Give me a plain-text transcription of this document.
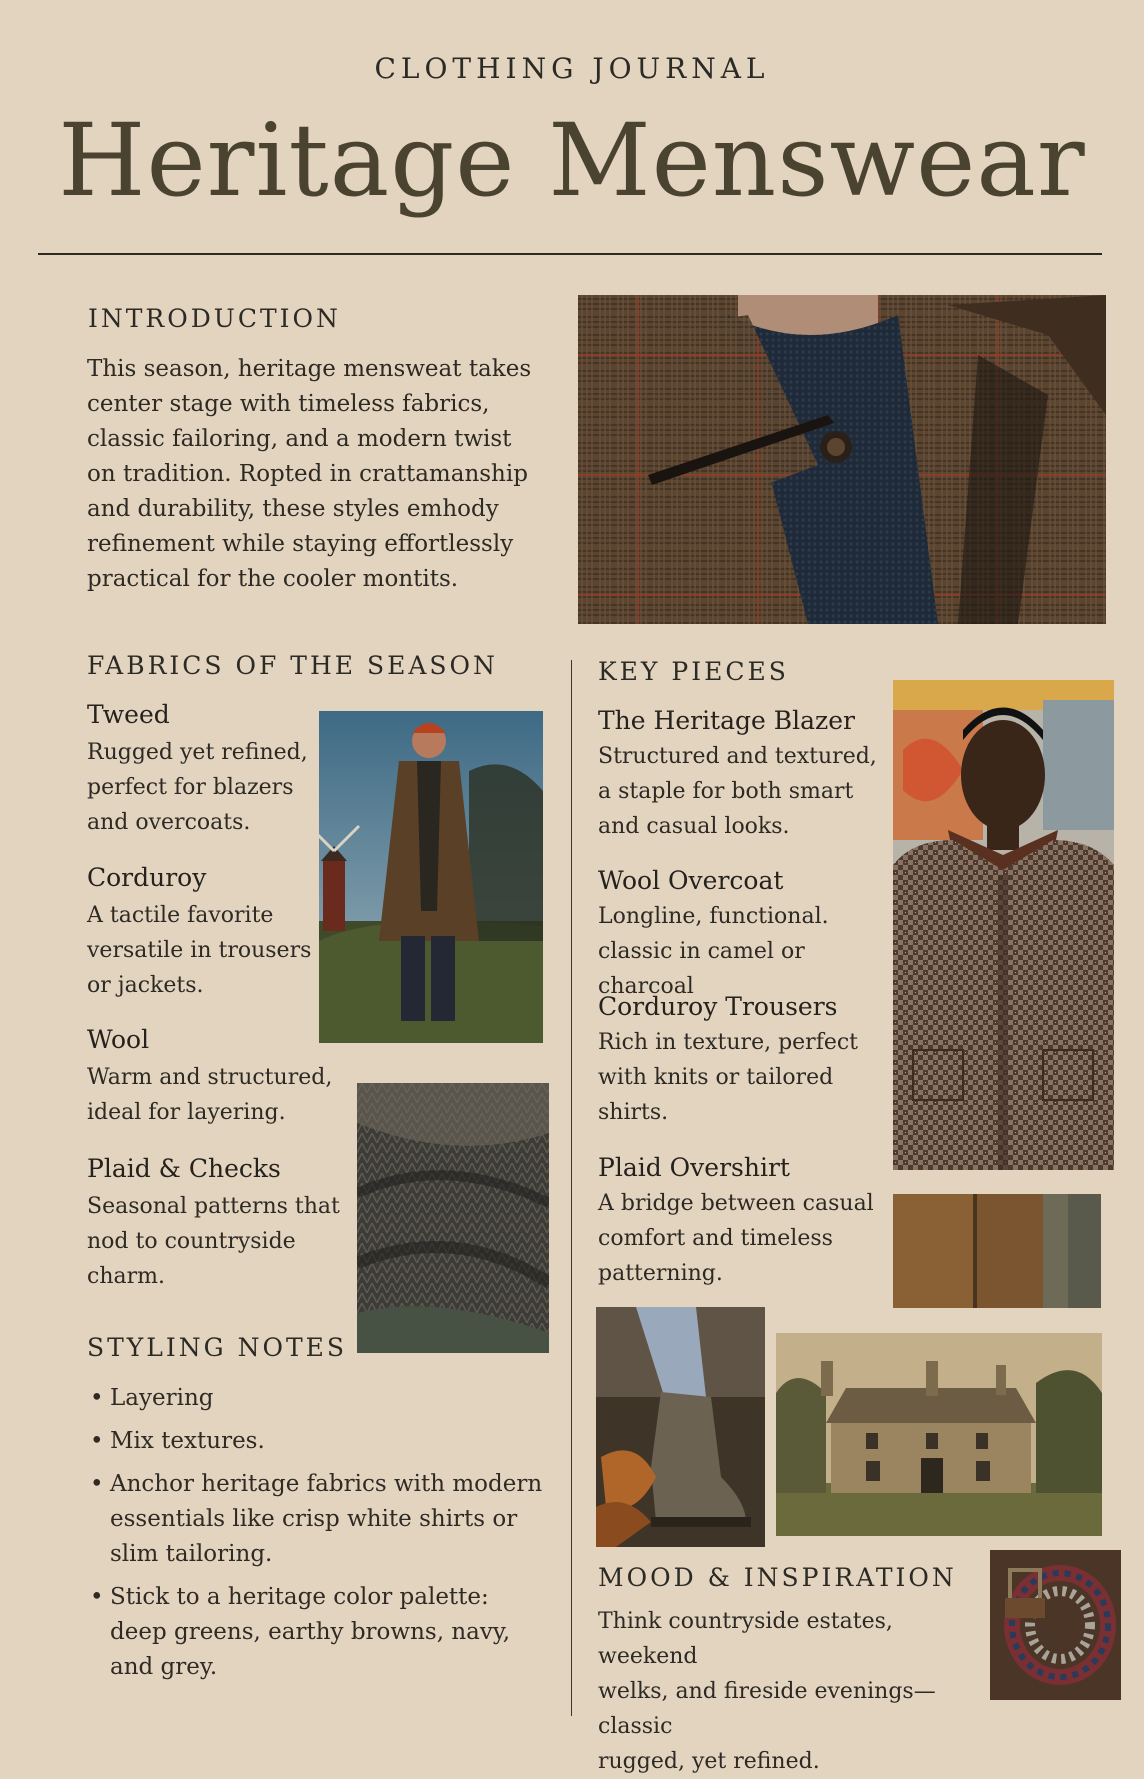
CLOTHING JOURNAL
Heritage Menswear
INTRODUCTION
This season, heritage mensweat takes
center stage with timeless fabrics,
classic failoring, and a modern twist
on tradition. Ropted in crattamanship
and durability, these styles emhody
refinement while staying effortlessly
practical for the cooler montits.
FABRICS OF THE SEASON
Tweed
Rugged yet refined,
perfect for blazers
and overcoats.
Corduroy
A tactile favorite
versatile in trousers
or jackets.
Wool
Warm and structured,
ideal for layering.
Plaid & Checks
Seasonal patterns that
nod to countryside
charm.
STYLING NOTES
• Layering
• Mix textures.
• Anchor heritage fabrics with modern
essentials like crisp white shirts or
slim tailoring.
• Stick to a heritage color palette:
deep greens, earthy browns, navy,
and grey.
KEY PIECES
The Heritage Blazer
Structured and textured,
a staple for both smart
and casual looks.
Wool Overcoat
Longline, functional.
classic in camel or charcoal
Corduroy Trousers
Rich in texture, perfect
with knits or tailored
shirts.
Plaid Overshirt
A bridge between casual
comfort and timeless
patterning.
MOOD & INSPIRATION
Think countryside estates, weekend
welks, and fireside evenings—classic
rugged, yet refined.
